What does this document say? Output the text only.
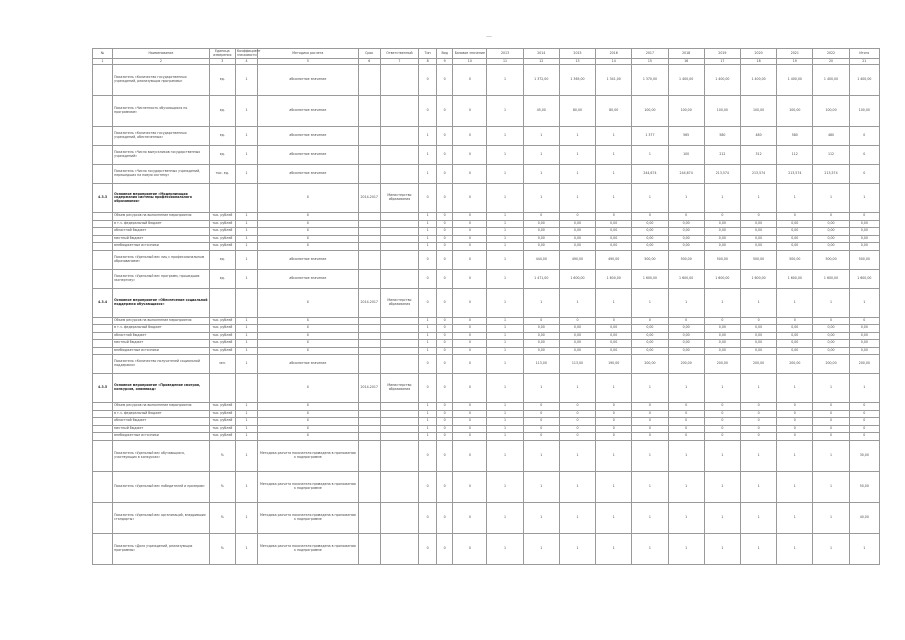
—
№	Наименование	Единица измерения	Коэффициент значимости	Методика расчета	Срок	Ответственный	Тип	Вид	Базовое значение	2013	2014	2015	2016	2017	2018	2019	2020	2021	2022	Итого
1	2	3	4	5	6	7	8	9	10	11	12	13	14	15	16	17	18	19	20	21
	Показатель «Количество государственных учреждений, реализующих программы»	ед.	1	абсолютное значение			0	0	0	1	1 372,00	1 365,00	1 341,00	1 370,00	1 400,00	1 400,00	1 400,00	1 400,00	1 400,00	1 400,00
	Показатель «Численность обучающихся по программам»	ед.	1	абсолютное значение			0	0	0	1	45,00	80,00	80,00	100,00	100,00	100,00	100,00	100,00	100,00	100,00
	Показатель «Количество государственных учреждений, обеспеченных»	ед.	1	абсолютное значение			1	0	0	1	1	1	1	1 377	565	580	480	580	480	0
	Показатель «Число выпускников государственных учреждений»	ед.	1	абсолютное значение			1	0	0	1	1	1	1	1	100	212	312	112	112	0
	Показатель «Число государственных учреждений, перешедших на новую систему»	тыс. ед.	1	абсолютное значение			1	0	0	1	1	1	1	244,674	244,674	213,574	213,574	213,574	213,574	0
4.3.3	Основное мероприятие «Модернизация содержания системы профессионального образования»			X	2014-2017	Министерство образования	0	0	0	1	1	1	1	1	1	1	1	1	1	1
	Объем ресурсов на выполнение мероприятия	тыс. рублей	1	X			1	0	0	1	0	0	0	0	0	0	0	0	0	0
	в т.ч. федеральный бюджет	тыс. рублей	1	X			1	0	0	1	0,00	0,00	0,00	0,00	0,00	0,00	0,00	0,00	0,00	0,00
	областной бюджет	тыс. рублей	1	X			1	0	0	1	0,00	0,00	0,00	0,00	0,00	0,00	0,00	0,00	0,00	0,00
	местный бюджет	тыс. рублей	1	X			1	0	0	1	0,00	0,00	0,00	0,00	0,00	0,00	0,00	0,00	0,00	0,00
	внебюджетные источники	тыс. рублей	1	X			1	0	0	1	0,00	0,00	0,00	0,00	0,00	0,00	0,00	0,00	0,00	0,00
	Показатель «Удельный вес лиц с профессиональным образованием»	ед.	1	абсолютное значение			0	0	0	1	444,00	490,00	490,00	500,00	500,00	500,00	500,00	500,00	500,00	500,00
	Показатель «Удельный вес программ, прошедших экспертизу»	ед.	1	абсолютное значение			0	0	0	1	1 471,00	1 600,00	1 600,00	1 600,00	1 600,00	1 600,00	1 600,00	1 600,00	1 600,00	1 600,00
4.3.4	Основное мероприятие «Обеспечение социальной поддержки обучающихся»			X	2014-2017	Министерство образования	0	0	0	1	1	1	1	1	1	1	1	1	1	1
	Объем ресурсов на выполнение мероприятия	тыс. рублей	1	X			1	0	0	1	0	0	0	0	0	0	0	0	0	0
	в т.ч. федеральный бюджет	тыс. рублей	1	X			1	0	0	1	0,00	0,00	0,00	0,00	0,00	0,00	0,00	0,00	0,00	0,00
	областной бюджет	тыс. рублей	1	X			1	0	0	1	0,00	0,00	0,00	0,00	0,00	0,00	0,00	0,00	0,00	0,00
	местный бюджет	тыс. рублей	1	X			1	0	0	1	0,00	0,00	0,00	0,00	0,00	0,00	0,00	0,00	0,00	0,00
	внебюджетные источники	тыс. рублей	1	X			1	0	0	1	0,00	0,00	0,00	0,00	0,00	0,00	0,00	0,00	0,00	0,00
	Показатель «Количество получателей социальной поддержки»	чел.	1	абсолютное значение			0	0	0	1	113,00	113,00	190,00	200,00	200,00	200,00	200,00	200,00	200,00	200,00
4.3.5	Основное мероприятие «Проведение смотров, конкурсов, олимпиад»			X	2014-2017	Министерство образования	0	0	0	1	1	1	1	1	1	1	1	1	1	1
	Объем ресурсов на выполнение мероприятия	тыс. рублей	1	X			1	0	0	1	0	0	0	0	0	0	0	0	0	0
	в т.ч. федеральный бюджет	тыс. рублей	1	X			1	0	0	1	0	0	0	0	0	0	0	0	0	0
	областной бюджет	тыс. рублей	1	X			1	0	0	1	0	0	0	0	0	0	0	0	0	0
	местный бюджет	тыс. рублей	1	X			1	0	0	1	0	0	0	0	0	0	0	0	0	0
	внебюджетные источники	тыс. рублей	1	X			1	0	0	1	0	0	0	0	0	0	0	0	0	0
	Показатель «Удельный вес обучающихся, участвующих в конкурсах»	%	1	Методика расчета показателя приведена в приложении к подпрограмме			0	0	0	1	1	1	1	1	1	1	1	1	1	30,00
	Показатель «Удельный вес победителей и призеров»	%	1	Методика расчета показателя приведена в приложении к подпрограмме			0	0	0	1	1	1	1	1	1	1	1	1	1	50,00
	Показатель «Удельный вес организаций, внедривших стандарты»	%	1	Методика расчета показателя приведена в приложении к подпрограмме			0	0	0	1	1	1	1	1	1	1	1	1	1	40,00
	Показатель «Доля учреждений, реализующих программы»	%	1	Методика расчета показателя приведена в приложении к подпрограмме			0	0	0	1	1	1	1	1	1	1	1	1	1	1
